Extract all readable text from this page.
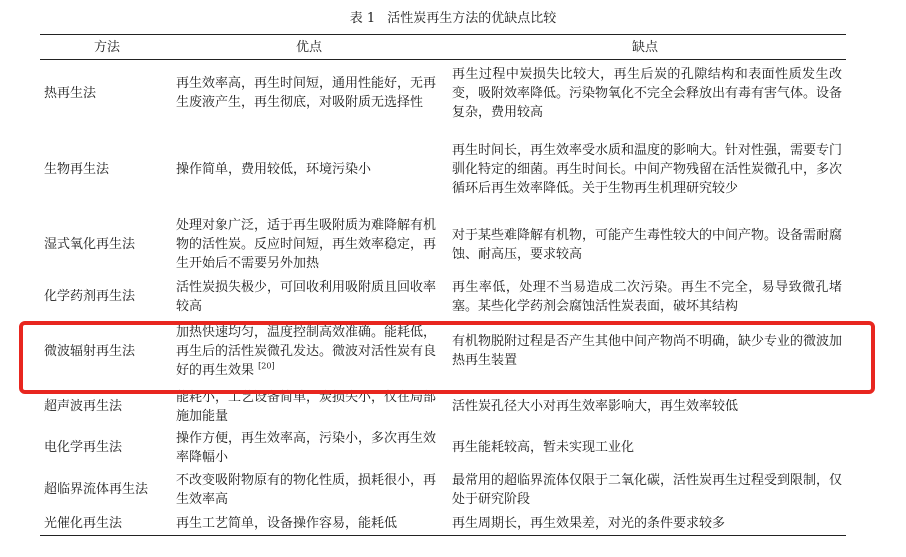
表 1 活性炭再生方法的优缺点比较
方法	优点	缺点
热再生法	再生效率高，再生时间短，通用性能好，无再生废液产生，再生彻底，对吸附质无选择性	再生过程中炭损失比较大，再生后炭的孔隙结构和表面性质发生改变，吸附效率降低。污染物氧化不完全会释放出有毒有害气体。设备复杂，费用较高

生物再生法	操作简单，费用较低，环境污染小	再生时间长，再生效率受水质和温度的影响大。针对性强，需要专门驯化特定的细菌。再生时间长。中间产物残留在活性炭微孔中，多次循环后再生效率降低。关于生物再生机理研究较少

湿式氧化再生法	处理对象广泛，适于再生吸附质为难降解有机物的活性炭。反应时间短，再生效率稳定，再生开始后不需要另外加热	对于某些难降解有机物，可能产生毒性较大的中间产物。设备需耐腐蚀、耐高压，要求较高

化学药剂再生法	活性炭损失极少，可回收利用吸附质且回收率较高	再生率低，处理不当易造成二次污染。再生不完全，易导致微孔堵塞。某些化学药剂会腐蚀活性炭表面，破坏其结构

微波辐射再生法	加热快速均匀，温度控制高效准确。能耗低，再生后的活性炭微孔发达。微波对活性炭有良好的再生效果 [20]	有机物脱附过程是否产生其他中间产物尚不明确，缺少专业的微波加热再生装置

超声波再生法	能耗小，工艺设备简单，炭损失小，仅在局部施加能量	活性炭孔径大小对再生效率影响大，再生效率较低

电化学再生法	操作方便，再生效率高，污染小，多次再生效率降幅小	再生能耗较高，暂未实现工业化

超临界流体再生法	不改变吸附物原有的物化性质，损耗很小，再生效率高	最常用的超临界流体仅限于二氧化碳，活性炭再生过程受到限制，仅处于研究阶段

光催化再生法	再生工艺简单，设备操作容易，能耗低	再生周期长，再生效果差，对光的条件要求较多
